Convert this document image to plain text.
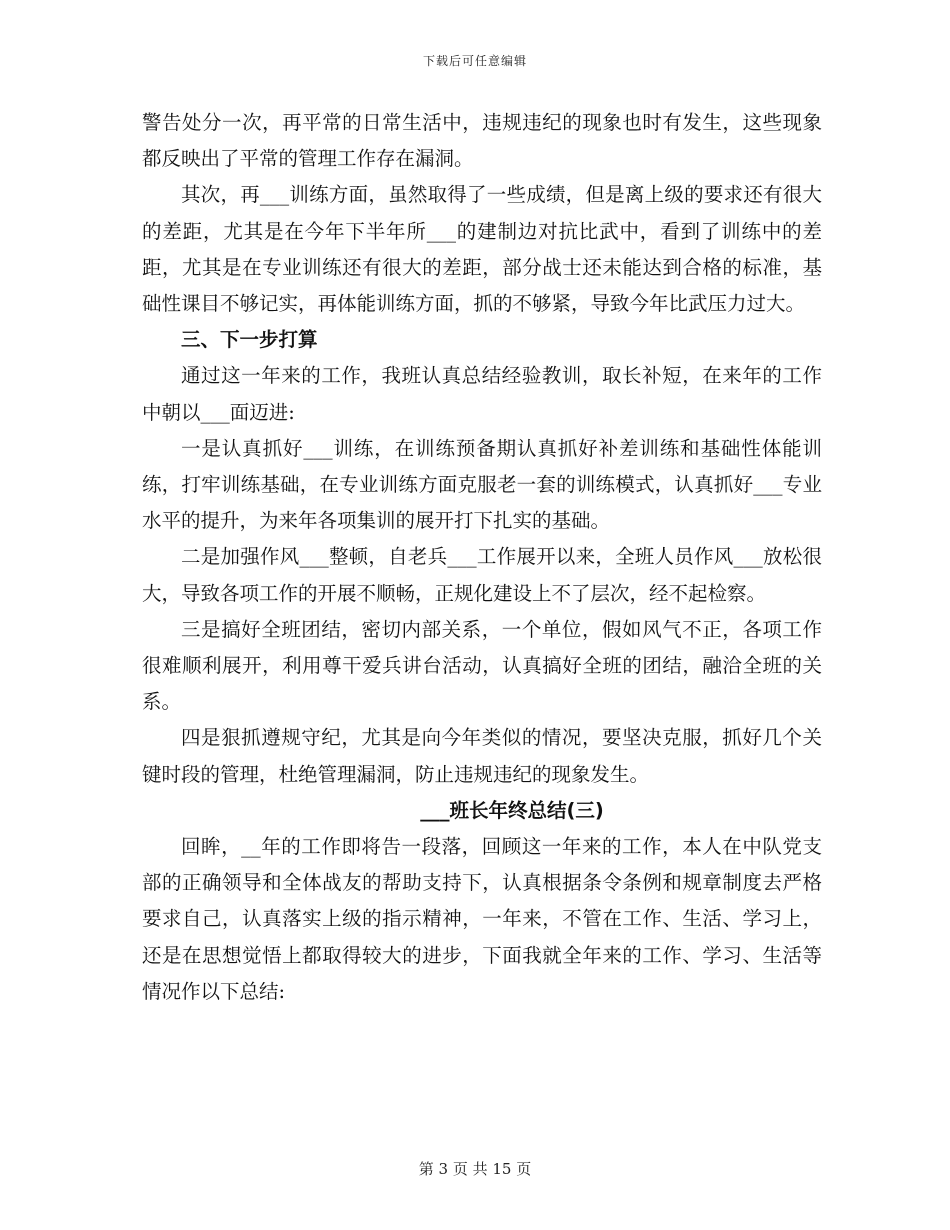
下载后可任意编辑

警告处分一次，再平常的日常生活中，违规违纪的现象也时有发生，这些现象都反映出了平常的管理工作存在漏洞。

其次，再___训练方面，虽然取得了一些成绩，但是离上级的要求还有很大的差距，尤其是在今年下半年所___的建制边对抗比武中，看到了训练中的差距，尤其是在专业训练还有很大的差距，部分战士还未能达到合格的标准，基础性课目不够记实，再体能训练方面，抓的不够紧，导致今年比武压力过大。

三、下一步打算

通过这一年来的工作，我班认真总结经验教训，取长补短，在来年的工作中朝以___面迈进:

一是认真抓好___训练，在训练预备期认真抓好补差训练和基础性体能训练，打牢训练基础，在专业训练方面克服老一套的训练模式，认真抓好___专业水平的提升，为来年各项集训的展开打下扎实的基础。

二是加强作风___整顿，自老兵___工作展开以来，全班人员作风___放松很大，导致各项工作的开展不顺畅，正规化建设上不了层次，经不起检察。

三是搞好全班团结，密切内部关系，一个单位，假如风气不正，各项工作很难顺利展开，利用尊干爱兵讲台活动，认真搞好全班的团结，融洽全班的关系。

四是狠抓遵规守纪，尤其是向今年类似的情况，要坚决克服，抓好几个关键时段的管理，杜绝管理漏洞，防止违规违纪的现象发生。

___班长年终总结(三)

回眸，__年的工作即将告一段落，回顾这一年来的工作，本人在中队党支部的正确领导和全体战友的帮助支持下，认真根据条令条例和规章制度去严格要求自己，认真落实上级的指示精神，一年来，不管在工作、生活、学习上，还是在思想觉悟上都取得较大的进步，下面我就全年来的工作、学习、生活等情况作以下总结:

第 3 页 共 15 页
